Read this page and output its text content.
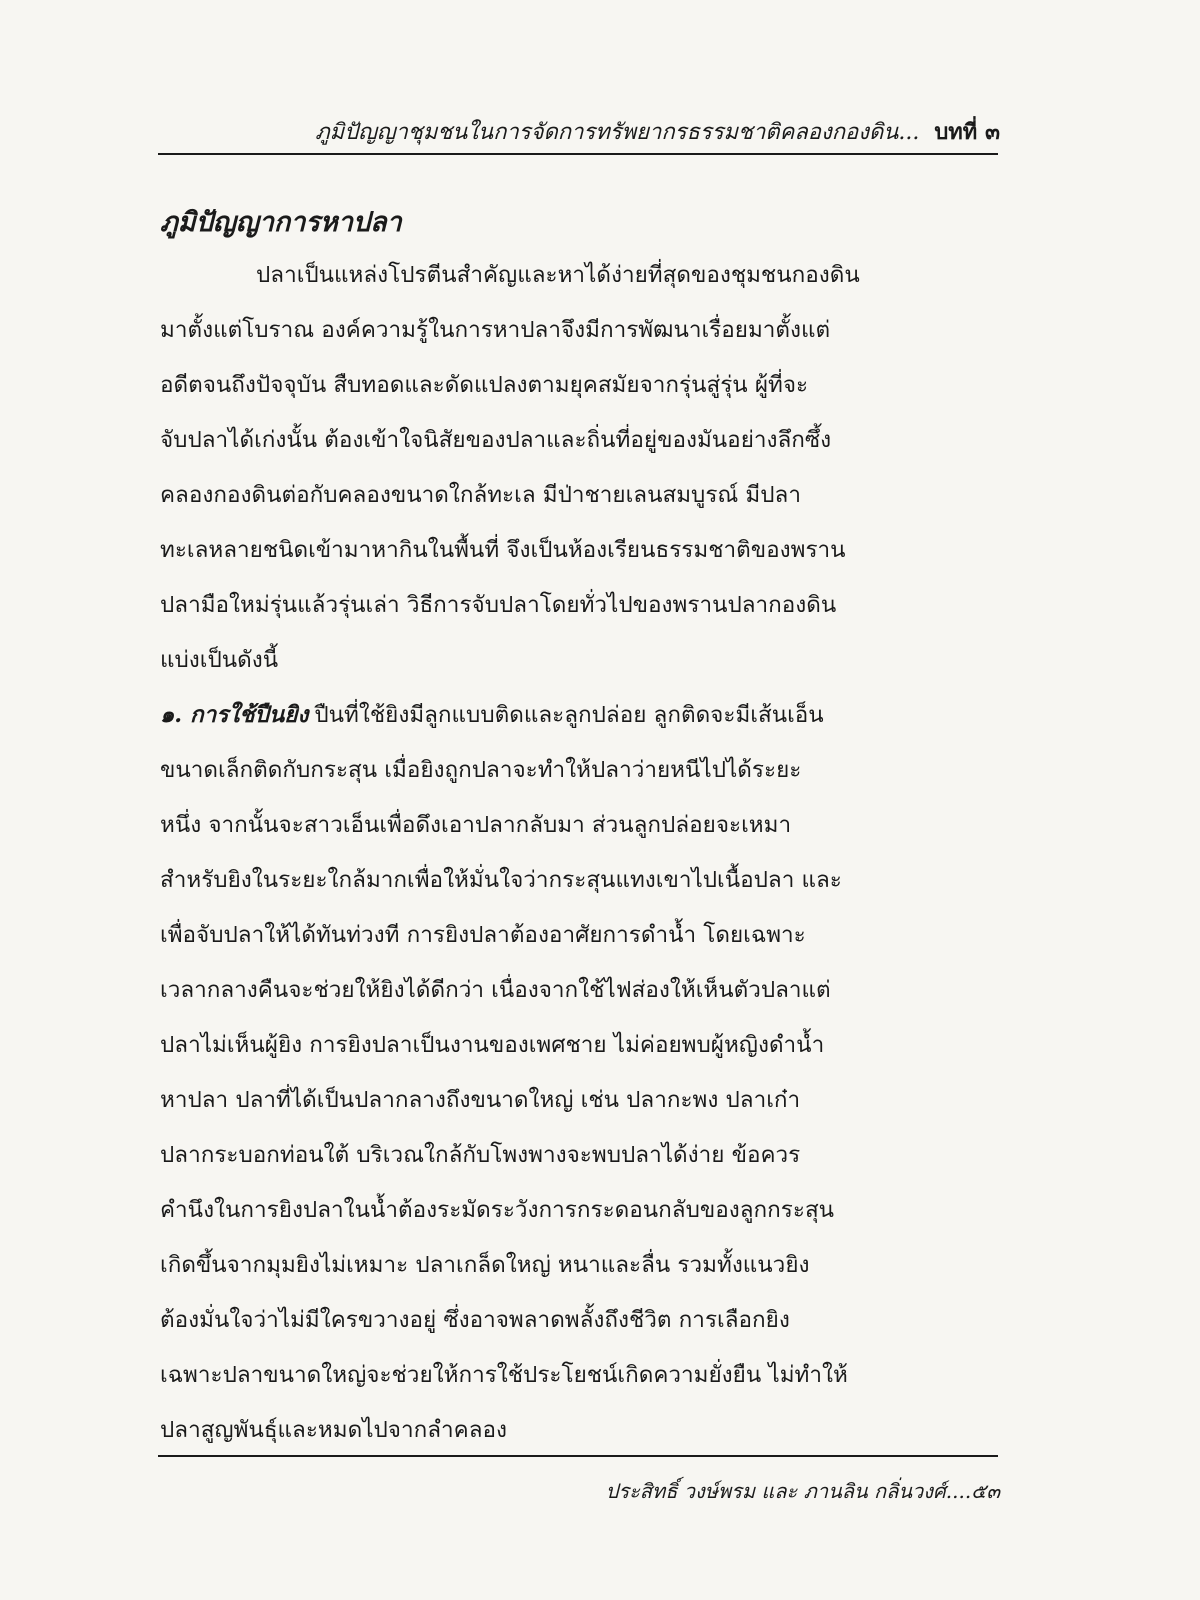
ภูมิปัญญาชุมชนในการจัดการทรัพยากรธรรมชาติคลองกองดิน... บทที่ ๓
ภูมิปัญญาการหาปลา
ปลาเป็นแหล่งโปรตีนสำคัญและหาได้ง่ายที่สุดของชุมชนกองดิน
มาตั้งแต่โบราณ องค์ความรู้ในการหาปลาจึงมีการพัฒนาเรื่อยมาตั้งแต่
อดีตจนถึงปัจจุบัน สืบทอดและดัดแปลงตามยุคสมัยจากรุ่นสู่รุ่น ผู้ที่จะ
จับปลาได้เก่งนั้น ต้องเข้าใจนิสัยของปลาและถิ่นที่อยู่ของมันอย่างลึกซึ้ง
คลองกองดินต่อกับคลองขนาดใกล้ทะเล มีป่าชายเลนสมบูรณ์ มีปลา
ทะเลหลายชนิดเข้ามาหากินในพื้นที่ จึงเป็นห้องเรียนธรรมชาติของพราน
ปลามือใหม่รุ่นแล้วรุ่นเล่า วิธีการจับปลาโดยทั่วไปของพรานปลากองดิน
แบ่งเป็นดังนี้
๑. การใช้ปืนยิง ปืนที่ใช้ยิงมีลูกแบบติดและลูกปล่อย ลูกติดจะมีเส้นเอ็น
ขนาดเล็กติดกับกระสุน เมื่อยิงถูกปลาจะทำให้ปลาว่ายหนีไปได้ระยะ
หนึ่ง จากนั้นจะสาวเอ็นเพื่อดึงเอาปลากลับมา ส่วนลูกปล่อยจะเหมา
สำหรับยิงในระยะใกล้มากเพื่อให้มั่นใจว่ากระสุนแทงเขาไปเนื้อปลา และ
เพื่อจับปลาให้ได้ทันท่วงที การยิงปลาต้องอาศัยการดำน้ำ โดยเฉพาะ
เวลากลางคืนจะช่วยให้ยิงได้ดีกว่า เนื่องจากใช้ไฟส่องให้เห็นตัวปลาแต่
ปลาไม่เห็นผู้ยิง การยิงปลาเป็นงานของเพศชาย ไม่ค่อยพบผู้หญิงดำน้ำ
หาปลา ปลาที่ได้เป็นปลากลางถึงขนาดใหญ่ เช่น ปลากะพง ปลาเก๋า
ปลากระบอกท่อนใต้ บริเวณใกล้กับโพงพางจะพบปลาได้ง่าย ข้อควร
คำนึงในการยิงปลาในน้ำต้องระมัดระวังการกระดอนกลับของลูกกระสุน
เกิดขึ้นจากมุมยิงไม่เหมาะ ปลาเกล็ดใหญ่ หนาและลื่น รวมทั้งแนวยิง
ต้องมั่นใจว่าไม่มีใครขวางอยู่ ซึ่งอาจพลาดพลั้งถึงชีวิต การเลือกยิง
เฉพาะปลาขนาดใหญ่จะช่วยให้การใช้ประโยชน์เกิดความยั่งยืน ไม่ทำให้
ปลาสูญพันธุ์และหมดไปจากลำคลอง
ประสิทธิ์ วงษ์พรม และ ภานลิน กลิ่นวงศ์....๕๓
